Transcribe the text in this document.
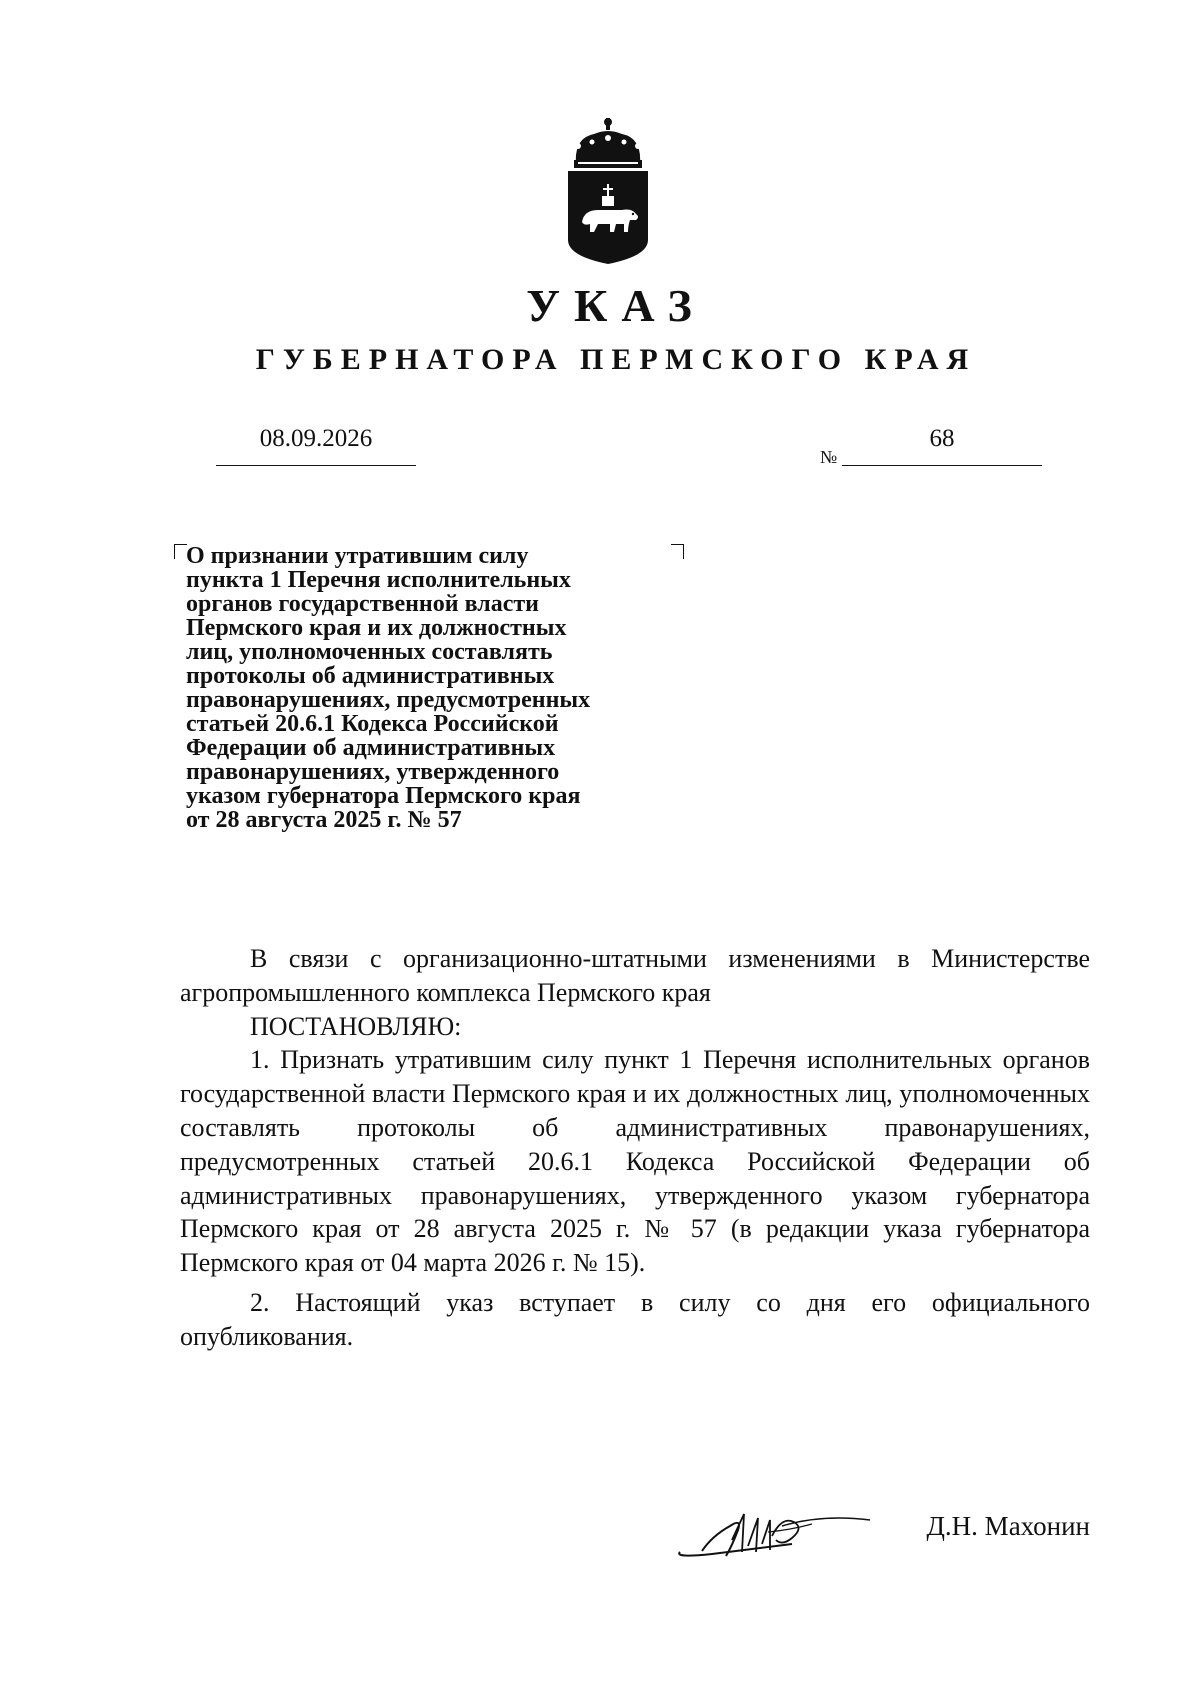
УКАЗ
ГУБЕРНАТОРА ПЕРМСКОГО КРАЯ
08.09.2026
№
68
О признании утратившим силу
пункта 1 Перечня исполнительных
органов государственной власти
Пермского края и их должностных
лиц, уполномоченных составлять
протоколы об административных
правонарушениях, предусмотренных
статьей 20.6.1 Кодекса Российской
Федерации об административных
правонарушениях, утвержденного
указом губернатора Пермского края
от 28 августа 2025 г. № 57

В связи с организационно-штатными изменениями в Министерстве агропромышленного комплекса Пермского края

ПОСТАНОВЛЯЮ:

1. Признать утратившим силу пункт 1 Перечня исполнительных органов государственной власти Пермского края и их должностных лиц, уполномоченных составлять протоколы об административных правонарушениях, предусмотренных статьей 20.6.1 Кодекса Российской Федерации об административных правонарушениях, утвержденного указом губернатора Пермского края от 28 августа 2025 г. № 57 (в редакции указа губернатора Пермского края от 04 марта 2026 г. № 15).

2. Настоящий указ вступает в силу со дня его официального опубликования.

Д.Н. Махонин
